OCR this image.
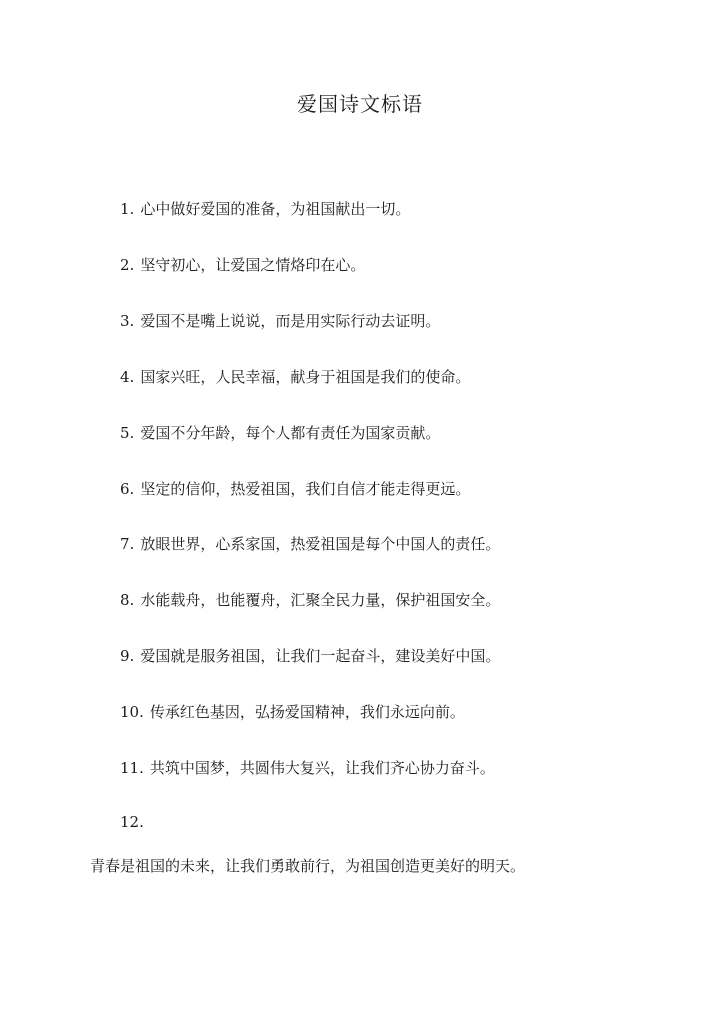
爱国诗文标语
1. 心中做好爱国的准备，为祖国献出一切。
2. 坚守初心，让爱国之情烙印在心。
3. 爱国不是嘴上说说，而是用实际行动去证明。
4. 国家兴旺，人民幸福，献身于祖国是我们的使命。
5. 爱国不分年龄，每个人都有责任为国家贡献。
6. 坚定的信仰，热爱祖国，我们自信才能走得更远。
7. 放眼世界，心系家国，热爱祖国是每个中国人的责任。
8. 水能载舟，也能覆舟，汇聚全民力量，保护祖国安全。
9. 爱国就是服务祖国，让我们一起奋斗，建设美好中国。
10. 传承红色基因，弘扬爱国精神，我们永远向前。
11. 共筑中国梦，共圆伟大复兴，让我们齐心协力奋斗。
12.
青春是祖国的未来，让我们勇敢前行，为祖国创造更美好的明天。
